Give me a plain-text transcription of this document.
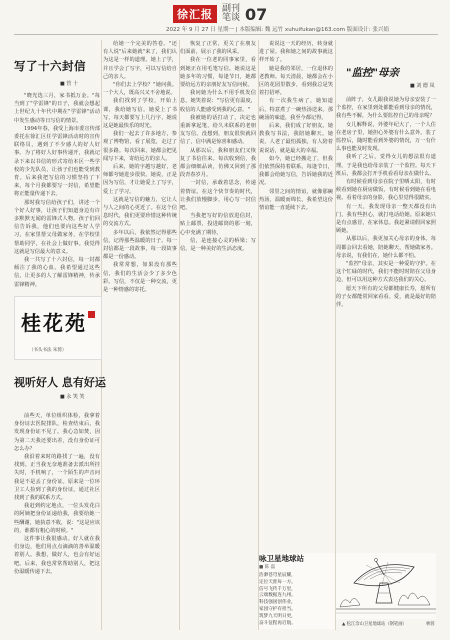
徐汇报	副刊
笔谈 07
2022 年 9 月 27 日 星期一 | 本版编辑: 魏 远竹 xuhuifukan@163.com 版面设计: 张兴娟
写了十六封信
■ 管 十

"晓光选三月，家书抵万金。"每当到了"学雷锋"的日子，我就会想起上世纪九十年代中期在"学雷锋"活动中发生感动等日写信的情景。

1994年春，我受上海市委宣传部委托在徐汇区任学雷锋活动时的宣传联络员，遇到了不少感人的好人好事。为了将好人好事传递开，我就记录下来以书信的形式寄给本区一些学校的少先队员，让孩子们也能受到教育。后来我把写信的习惯坚持了下来，每个月我都要写一封信，希望能将正能量传递下去。

那时我写信给孩子们，讲述一个个好人好事，让孩子们知道身边有许多默默无闻的雷锋式人物。孩子们回信告诉我，他们也要向这些好人学习，在家里帮父母做家务，在学校里帮助同学，在社会上做好事。我觉得这就是写信最大的意义。

我一共写了十六封信，每一封都倾注了我的心血。我希望通过这些信，让更多的人了解雷锋精神，传承雷锋精神。

桂花苑
（书头书法 朱猗）
视听好人 息有好运
■ 永 笑 笑

前些天，单位组织体检，我拿着身份证去医院排队，检查结束后，我发现身份证不见了。我心急如焚，因为第二天我还要出差，没有身份证可怎么办？

我沿着来时的路找了一遍，没有找到。正当我无奈地准备去派出所挂失时，手机响了，一个陌生的声音问我是不是丢了身份证。原来是一位环卫工人捡到了我的身份证，通过社区找到了我的联系方式。

我赶到约定地点，一位头发花白的阿姨把身份证递给我，我要给她一些酬谢，她执意不收，说："这是应该的，谁都有粗心的时候。"

这件事让我很感动。好人就在我们身边，他们用点点滴滴的善举温暖着别人。我想，做好人，也会有好运吧。后来，我也常常帮助别人，把这份温暖传递下去。

给她一个完美的答卷。"还有人说"后来她就"来了，我们认为这是一样的道理。她上了学，并且学会了写字，可以写信给自己的亲人。

"你们去上学校？"她问我。一个大人，既高兴又不舍地说。

我们找到了学校，开始上课，我给她写信。她爱上了书写，每天都要写上几行字，她说这是她最快乐的时光。

我们一起去了许多地方，参观了博物馆，看了展览，走过了很多路。每次回来，她都会把见闻写下来，寄给远方的亲人。

后来，她的字越写越好，老师都夸她进步很快。她说，正是因为写信，才让她爱上了写字，爱上了学习。

这就是写信的魅力，它让人与人之间的心更近了。在这个信息时代，我们更要珍惜这种传统的交流方式。

多年以后，我依然记得那些信，记得那些温暖的日子。每一封信都是一段故事，每一段故事都是一份感动。

我常常想，如果没有那些信，我们的生活会少了多少色彩。写信，不仅是一种交流，更是一种情感的寄托。

恢复了正常，更关了在朋友们面前，展示了我的风采。

我在一位老的同事家里，看到她正在用毛笔写信。她说这是她多年的习惯，每逢节日，她都要给远方的亲朋好友写信问候。

我问她为什么不用手机发信息，她笑着说："写信更有温度，收信的人能感受到我的心意。"

我被她的话打动了，决定也重新拿起笔，给久未联系的老朋友写信。没想到，朋友很快就回信了，信中满是惊喜和感动。

从那以后，我和朋友们又恢复了书信往来。每次收到信，我都会细细品读，仿佛又回到了那段青春岁月。

一封信，承载着思念，传递着情谊。在这个快节奏的时代，让我们放慢脚步，用心写一封信吧。

当我把写好的信放进信封，贴上邮票，投进邮筒的那一刻，心中充满了期待。

信，是连接心灵的桥梁；写信，是一种美好的生活态度。

说说这一天的经历，转身就进了屋。我和她之间的故事就这样开始了。

她是我的邻居，一位退休的老教师。每天清晨，她都会在小区的花园里散步，看到我总是笑着打招呼。

有一次我生病了，她知道后，特意煮了一碗热汤送来。那碗汤的味道，我至今都记得。

后来，我们成了好朋友。她教我写书法，我陪她聊天。她说，人老了最怕孤独，有人陪着说说话，就是最大的幸福。

如今，她已经搬走了，但我们依然保持着联系。每逢节日，我都会给她写信，告诉她我的近况。

邻里之间的情谊，就像那碗热汤，温暖而绵长。我希望这份情谊能一直延续下去。

"监控"母亲
■ 刘 德 凤

前阵子，女儿跟我说她为母亲安装了一个监控，在家里到处都能看到母亲的情况，我有些不解，为什么要监控自己的母亲呢？

女儿解释说，外婆年纪大了，一个人住在老房子里，她担心外婆有什么意外。装了监控后，随时能看到外婆的情况，万一有什么事也能及时发现。

我听了之后，觉得女儿的想法很有道理。于是我也给母亲装了一个监控。每天下班后，我都会打开手机看看母亲在做什么。

有时候看到母亲在院子里晒太阳，有时候看到她在厨房做饭，有时候看到她在看电视。看着母亲的身影，我心里觉得很踏实。

有一天，我发现母亲一整天都没有出门，我有些担心，就打电话给她。原来她只是有点感冒，在家休息。我赶紧请假回家照顾她。

从那以后，我更加关心母亲的身体。每周都会回去看她，陪她聊天，帮她做家务。母亲说，有我们在，她什么都不怕。

"监控"母亲，其实是一种爱的守护。在这个忙碌的时代，我们不能时时陪在父母身边，但可以用这种方式表达我们的关心。

愿天下所有的父母都健康长寿，愿所有的子女都能常回家看看。爱，就是最好的陪伴。

咏卫星地球站
■ 陈 磊
浩渺苍穹星辰耀，
定位天涯每一方。
信号飞传千万里，
云端数据连九州。
科技强国创伟业，
家园守护有担当。
筑梦九天明日更，
奋斗征程再启航。	▲ 松江佘山卫星地球站（钢笔画）	林蓉
